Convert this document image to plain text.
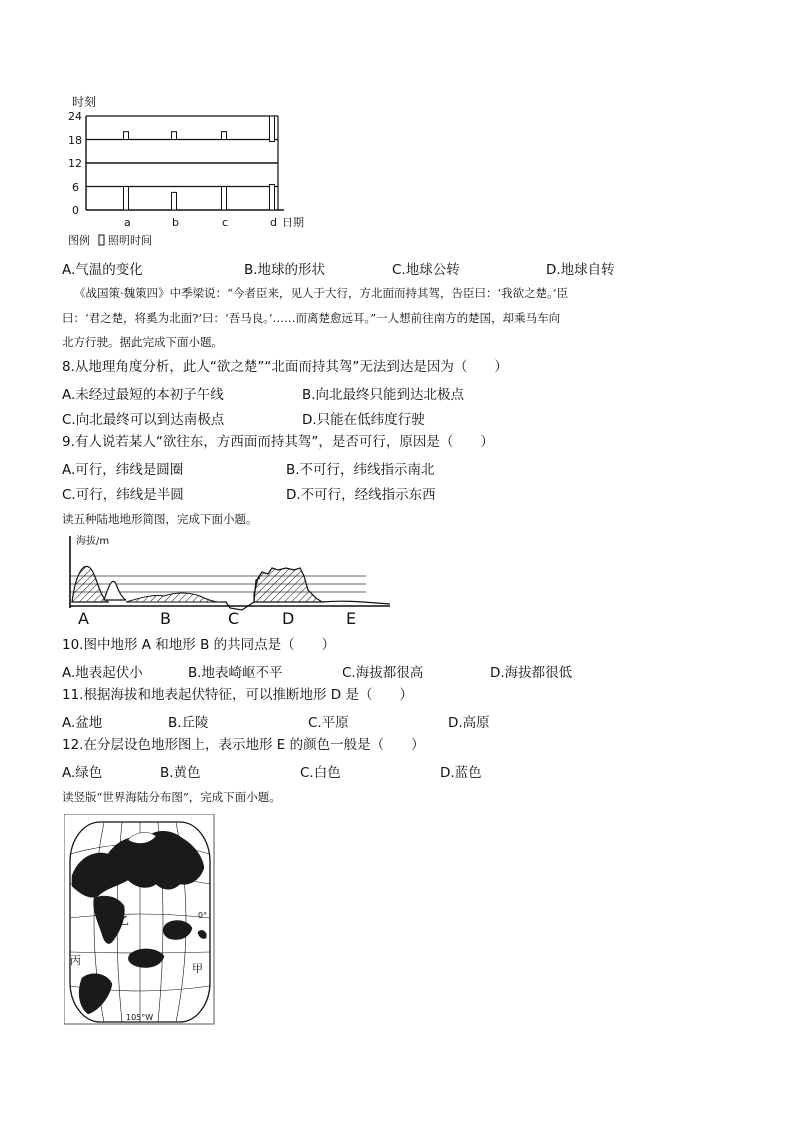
时刻
24
18
12
6
0
a	b	c	d 日期
图例 照明时间
A.气温的变化	B.地球的形状	C.地球公转	D.地球自转
《战国策·魏策四》中季梁说：“今者臣来，见人于大行，方北面而持其驾，告臣曰：‘我欲之楚。’臣
曰：‘君之楚，将奚为北面?’曰：‘吾马良。’……而离楚愈远耳。”一人想前往南方的楚国，却乘马车向
北方行驶。据此完成下面小题。
8.从地理角度分析，此人“欲之楚”“北面而持其驾”无法到达是因为（　　）
A.未经过最短的本初子午线	B.向北最终只能到达北极点
C.向北最终可以到达南极点	D.只能在低纬度行驶
9.有人说若某人“欲往东，方西面而持其驾”，是否可行，原因是（　　）
A.可行，纬线是圆圈	B.不可行，纬线指示南北
C.可行，纬线是半圆	D.不可行，经线指示东西
读五种陆地地形简图，完成下面小题。
海拔/m
A	B	C	D	E
10.图中地形 A 和地形 B 的共同点是（　　）
A.地表起伏小	B.地表崎岖不平	C.海拔都很高	D.海拔都很低
11.根据海拔和地表起伏特征，可以推断地形 D 是（　　）
A.盆地	B.丘陵	C.平原	D.高原
12.在分层设色地形图上，表示地形 E 的颜色一般是（　　）
A.绿色	B.黄色	C.白色	D.蓝色
读竖版“世界海陆分布图”，完成下面小题。
乙
甲
丙
0°
105°W
